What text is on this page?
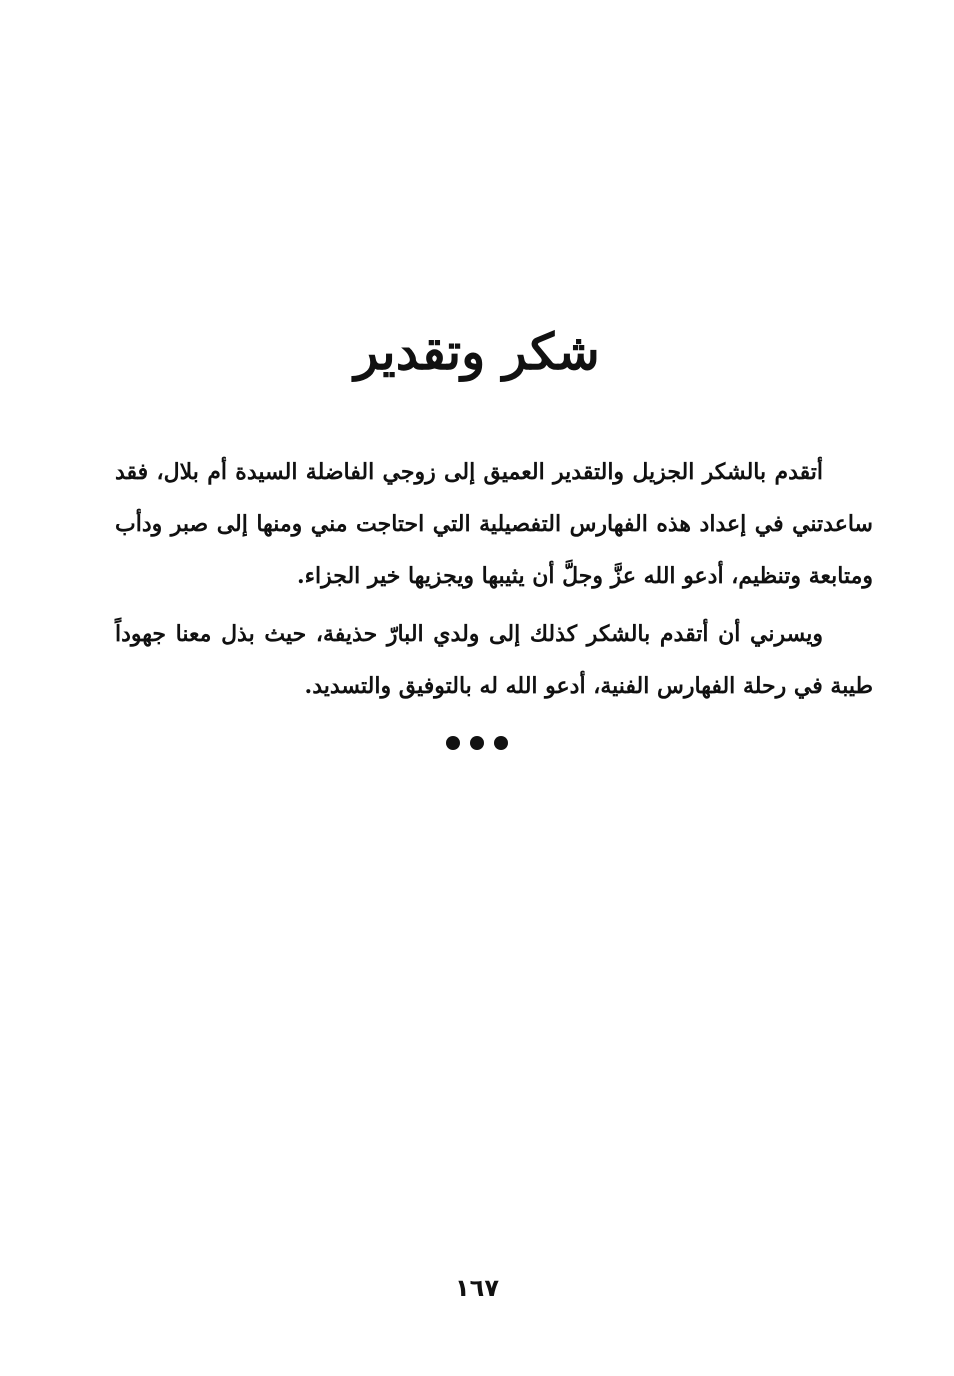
شكر وتقدير

أتقدم بالشكر الجزيل والتقدير العميق إلى زوجي الفاضلة السيدة أم بلال، فقد ساعدتني في إعداد هذه الفهارس التفصيلية التي احتاجت مني ومنها إلى صبر ودأب ومتابعة وتنظيم، أدعو الله عزَّ وجلَّ أن يثيبها ويجزيها خير الجزاء.

ويسرني أن أتقدم بالشكر كذلك إلى ولدي البارّ حذيفة، حيث بذل معنا جهوداً طيبة في رحلة الفهارس الفنية، أدعو الله له بالتوفيق والتسديد.

١٦٧
